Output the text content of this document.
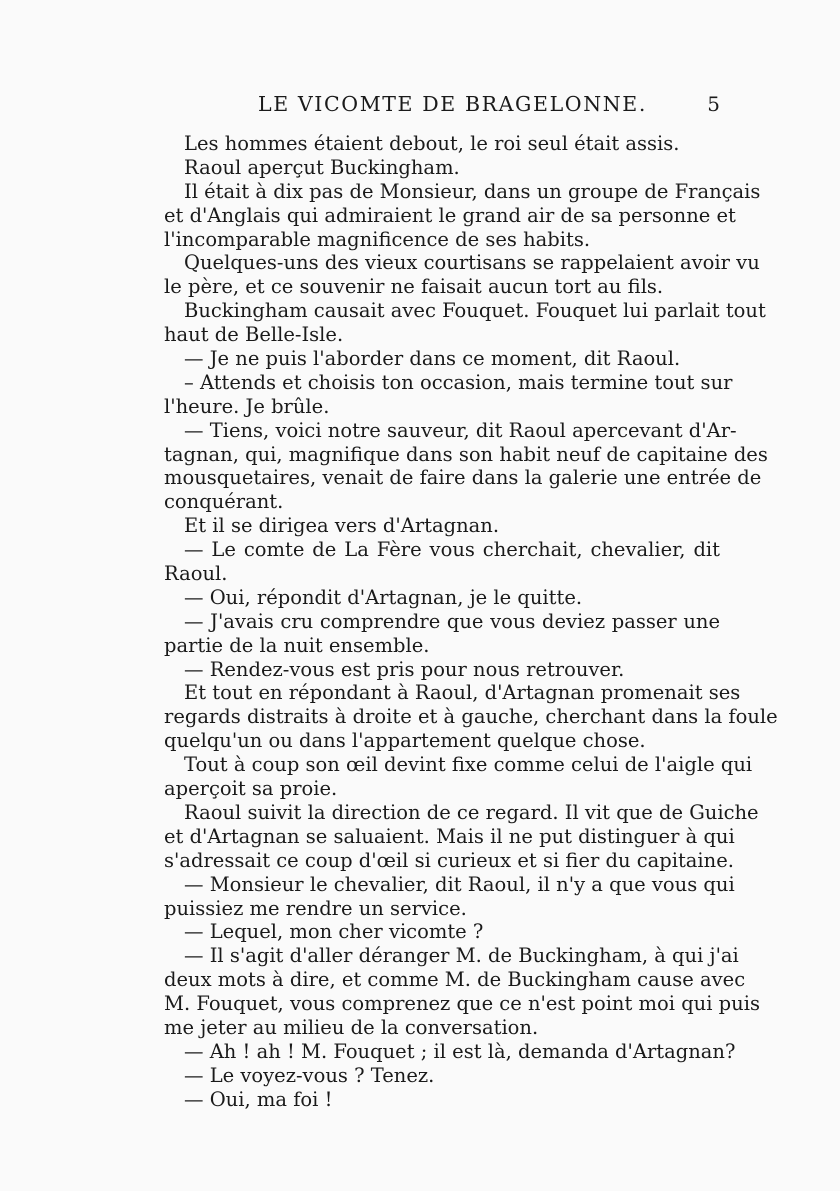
LE VICOMTE DE BRAGELONNE.	5
Les hommes étaient debout, le roi seul était assis.
Raoul aperçut Buckingham.
Il était à dix pas de Monsieur, dans un groupe de Français
et d'Anglais qui admiraient le grand air de sa personne et
l'incomparable magnificence de ses habits.
Quelques-uns des vieux courtisans se rappelaient avoir vu
le père, et ce souvenir ne faisait aucun tort au fils.
Buckingham causait avec Fouquet. Fouquet lui parlait tout
haut de Belle-Isle.
— Je ne puis l'aborder dans ce moment, dit Raoul.
– Attends et choisis ton occasion, mais termine tout sur
l'heure. Je brûle.
— Tiens, voici notre sauveur, dit Raoul apercevant d'Ar-
tagnan, qui, magnifique dans son habit neuf de capitaine des
mousquetaires, venait de faire dans la galerie une entrée de
conquérant.
Et il se dirigea vers d'Artagnan.
— Le comte de La Fère vous cherchait, chevalier, dit
Raoul.
— Oui, répondit d'Artagnan, je le quitte.
— J'avais cru comprendre que vous deviez passer une
partie de la nuit ensemble.
— Rendez-vous est pris pour nous retrouver.
Et tout en répondant à Raoul, d'Artagnan promenait ses
regards distraits à droite et à gauche, cherchant dans la foule
quelqu'un ou dans l'appartement quelque chose.
Tout à coup son œil devint fixe comme celui de l'aigle qui
aperçoit sa proie.
Raoul suivit la direction de ce regard. Il vit que de Guiche
et d'Artagnan se saluaient. Mais il ne put distinguer à qui
s'adressait ce coup d'œil si curieux et si fier du capitaine.
— Monsieur le chevalier, dit Raoul, il n'y a que vous qui
puissiez me rendre un service.
— Lequel, mon cher vicomte ?
— Il s'agit d'aller déranger M. de Buckingham, à qui j'ai
deux mots à dire, et comme M. de Buckingham cause avec
M. Fouquet, vous comprenez que ce n'est point moi qui puis
me jeter au milieu de la conversation.
— Ah ! ah ! M. Fouquet ; il est là, demanda d'Artagnan?
— Le voyez-vous ? Tenez.
— Oui, ma foi !
